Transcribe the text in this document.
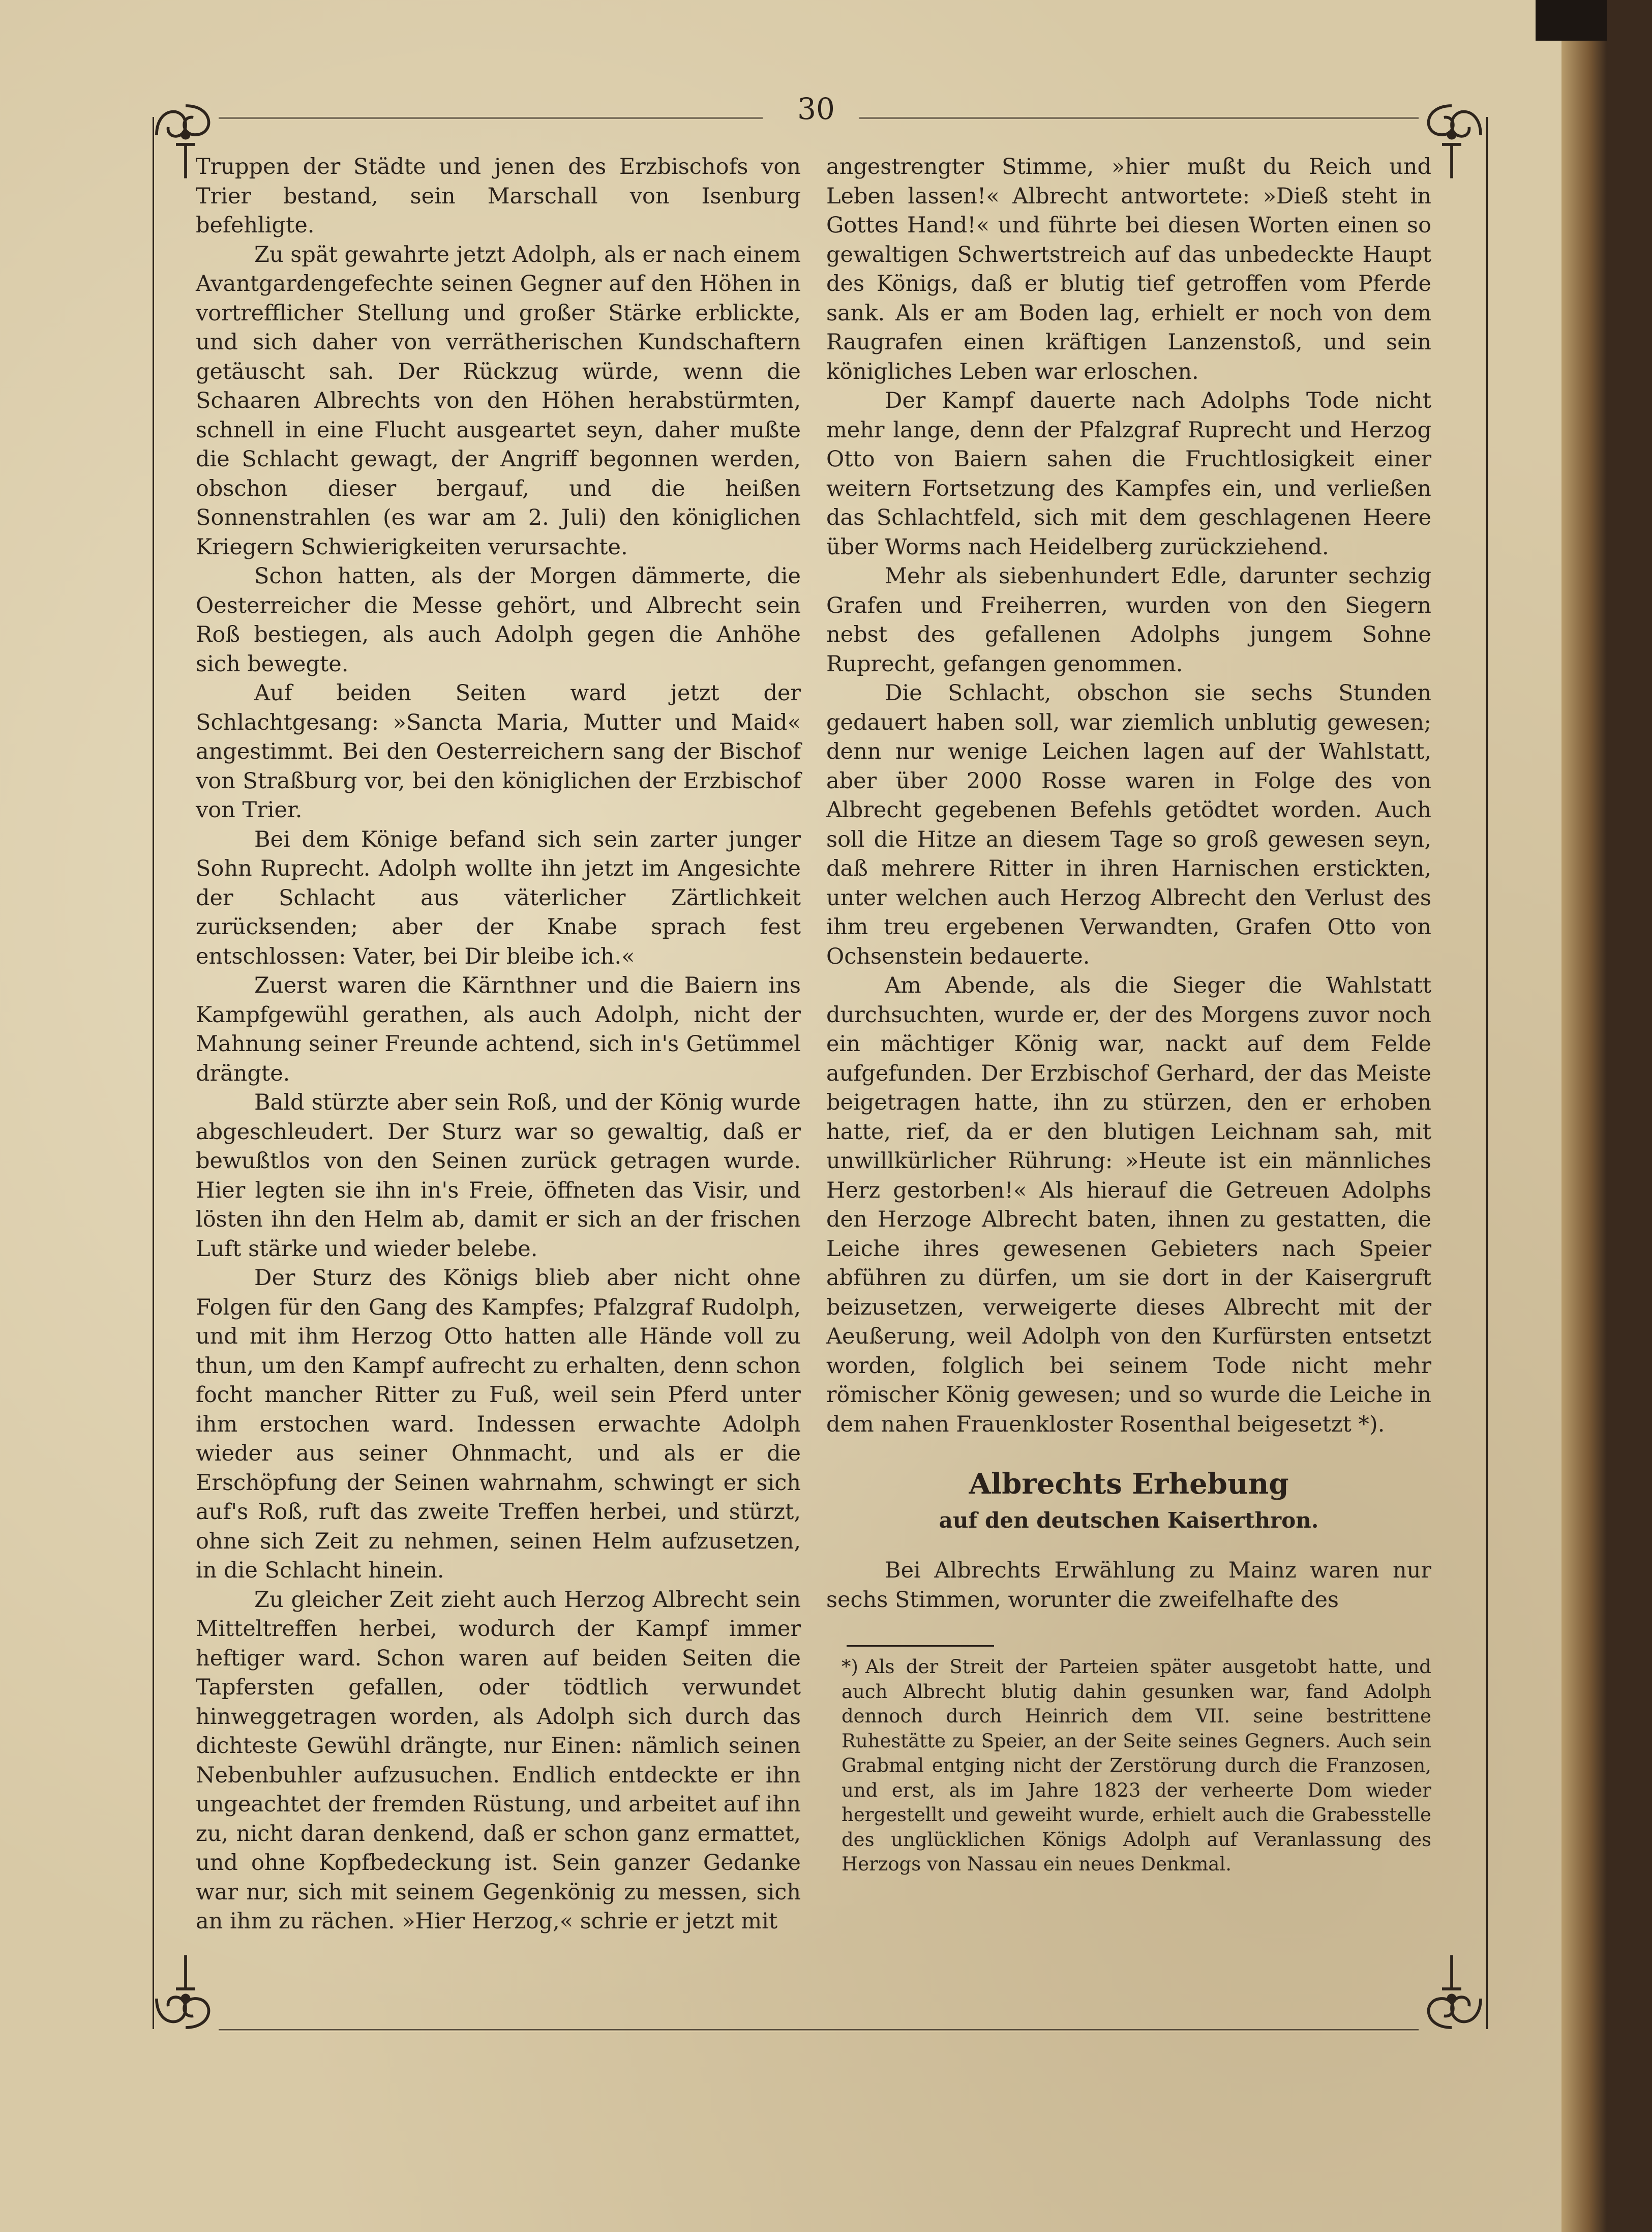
30

Truppen der Städte und jenen des Erzbischofs von Trier bestand, sein Marschall von Isenburg befehligte.

Zu spät gewahrte jetzt Adolph, als er nach einem Avantgardengefechte seinen Gegner auf den Höhen in vortrefflicher Stellung und großer Stärke erblickte, und sich daher von verrätherischen Kundschaftern getäuscht sah. Der Rückzug würde, wenn die Schaaren Albrechts von den Höhen herabstürmten, schnell in eine Flucht ausgeartet seyn, daher mußte die Schlacht gewagt, der Angriff begonnen werden, obschon dieser bergauf, und die heißen Sonnenstrahlen (es war am 2. Juli) den königlichen Kriegern Schwierigkeiten verursachte.

Schon hatten, als der Morgen dämmerte, die Oesterreicher die Messe gehört, und Albrecht sein Roß bestiegen, als auch Adolph gegen die Anhöhe sich bewegte.

Auf beiden Seiten ward jetzt der Schlachtgesang: »Sancta Maria, Mutter und Maid« angestimmt. Bei den Oesterreichern sang der Bischof von Straßburg vor, bei den königlichen der Erzbischof von Trier.

Bei dem Könige befand sich sein zarter junger Sohn Ruprecht. Adolph wollte ihn jetzt im Angesichte der Schlacht aus väterlicher Zärtlichkeit zurücksenden; aber der Knabe sprach fest entschlossen: Vater, bei Dir bleibe ich.«

Zuerst waren die Kärnthner und die Baiern ins Kampfgewühl gerathen, als auch Adolph, nicht der Mahnung seiner Freunde achtend, sich in's Getümmel drängte.

Bald stürzte aber sein Roß, und der König wurde abgeschleudert. Der Sturz war so gewaltig, daß er bewußtlos von den Seinen zurück getragen wurde. Hier legten sie ihn in's Freie, öffneten das Visir, und lösten ihn den Helm ab, damit er sich an der frischen Luft stärke und wieder belebe.

Der Sturz des Königs blieb aber nicht ohne Folgen für den Gang des Kampfes; Pfalzgraf Rudolph, und mit ihm Herzog Otto hatten alle Hände voll zu thun, um den Kampf aufrecht zu erhalten, denn schon focht mancher Ritter zu Fuß, weil sein Pferd unter ihm erstochen ward. Indessen erwachte Adolph wieder aus seiner Ohnmacht, und als er die Erschöpfung der Seinen wahrnahm, schwingt er sich auf's Roß, ruft das zweite Treffen herbei, und stürzt, ohne sich Zeit zu nehmen, seinen Helm aufzusetzen, in die Schlacht hinein.

Zu gleicher Zeit zieht auch Herzog Albrecht sein Mitteltreffen herbei, wodurch der Kampf immer heftiger ward. Schon waren auf beiden Seiten die Tapfersten gefallen, oder tödtlich verwundet hinweggetragen worden, als Adolph sich durch das dichteste Gewühl drängte, nur Einen: nämlich seinen Nebenbuhler aufzusuchen. Endlich entdeckte er ihn ungeachtet der fremden Rüstung, und arbeitet auf ihn zu, nicht daran denkend, daß er schon ganz ermattet, und ohne Kopfbedeckung ist. Sein ganzer Gedanke war nur, sich mit seinem Gegenkönig zu messen, sich an ihm zu rächen. »Hier Herzog,« schrie er jetzt mit

angestrengter Stimme, »hier mußt du Reich und Leben lassen!« Albrecht antwortete: »Dieß steht in Gottes Hand!« und führte bei diesen Worten einen so gewaltigen Schwertstreich auf das unbedeckte Haupt des Königs, daß er blutig tief getroffen vom Pferde sank. Als er am Boden lag, erhielt er noch von dem Raugrafen einen kräftigen Lanzenstoß, und sein königliches Leben war erloschen.

Der Kampf dauerte nach Adolphs Tode nicht mehr lange, denn der Pfalzgraf Ruprecht und Herzog Otto von Baiern sahen die Fruchtlosigkeit einer weitern Fortsetzung des Kampfes ein, und verließen das Schlachtfeld, sich mit dem geschlagenen Heere über Worms nach Heidelberg zurückziehend.

Mehr als siebenhundert Edle, darunter sechzig Grafen und Freiherren, wurden von den Siegern nebst des gefallenen Adolphs jungem Sohne Ruprecht, gefangen genommen.

Die Schlacht, obschon sie sechs Stunden gedauert haben soll, war ziemlich unblutig gewesen; denn nur wenige Leichen lagen auf der Wahlstatt, aber über 2000 Rosse waren in Folge des von Albrecht gegebenen Befehls getödtet worden. Auch soll die Hitze an diesem Tage so groß gewesen seyn, daß mehrere Ritter in ihren Harnischen erstickten, unter welchen auch Herzog Albrecht den Verlust des ihm treu ergebenen Verwandten, Grafen Otto von Ochsenstein bedauerte.

Am Abende, als die Sieger die Wahlstatt durchsuchten, wurde er, der des Morgens zuvor noch ein mächtiger König war, nackt auf dem Felde aufgefunden. Der Erzbischof Gerhard, der das Meiste beigetragen hatte, ihn zu stürzen, den er erhoben hatte, rief, da er den blutigen Leichnam sah, mit unwillkürlicher Rührung: »Heute ist ein männliches Herz gestorben!« Als hierauf die Getreuen Adolphs den Herzoge Albrecht baten, ihnen zu gestatten, die Leiche ihres gewesenen Gebieters nach Speier abführen zu dürfen, um sie dort in der Kaisergruft beizusetzen, verweigerte dieses Albrecht mit der Aeußerung, weil Adolph von den Kurfürsten entsetzt worden, folglich bei seinem Tode nicht mehr römischer König gewesen; und so wurde die Leiche in dem nahen Frauenkloster Rosenthal beigesetzt *).

Albrechts Erhebung
auf den deutschen Kaiserthron.

Bei Albrechts Erwählung zu Mainz waren nur sechs Stimmen, worunter die zweifelhafte des

*) Als der Streit der Parteien später ausgetobt hatte, und auch Albrecht blutig dahin gesunken war, fand Adolph dennoch durch Heinrich dem VII. seine bestrittene Ruhestätte zu Speier, an der Seite seines Gegners. Auch sein Grabmal entging nicht der Zerstörung durch die Franzosen, und erst, als im Jahre 1823 der verheerte Dom wieder hergestellt und geweiht wurde, erhielt auch die Grabesstelle des unglücklichen Königs Adolph auf Veranlassung des Herzogs von Nassau ein neues Denkmal.
